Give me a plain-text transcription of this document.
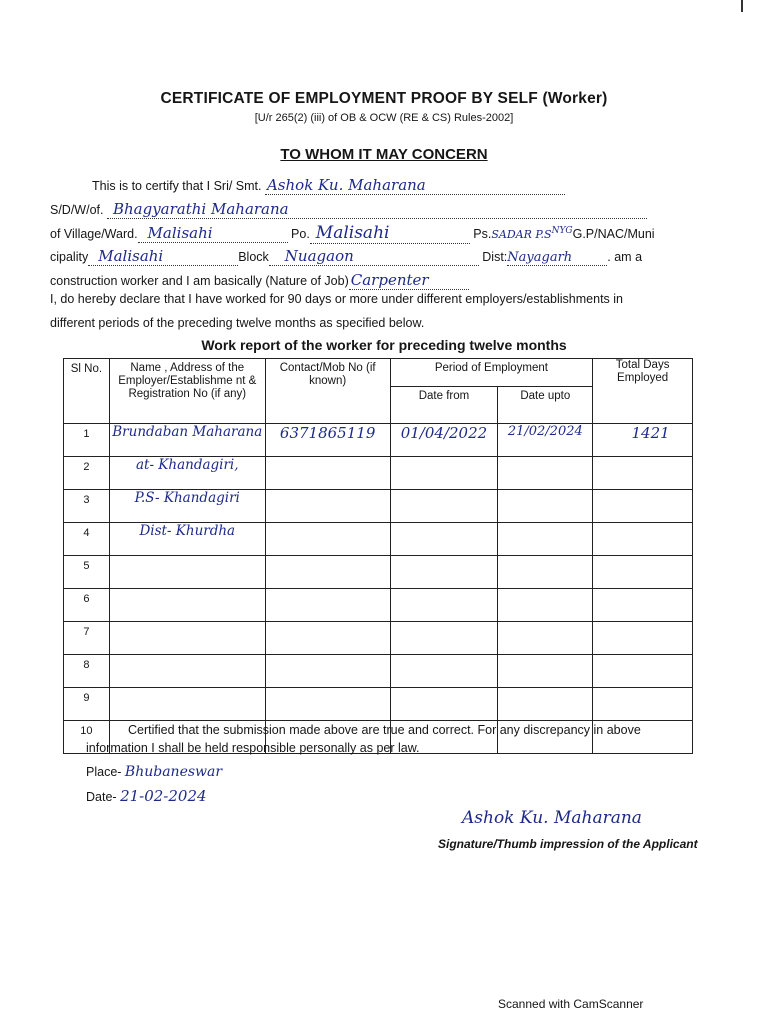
CERTIFICATE OF EMPLOYMENT PROOF BY SELF (Worker)
[U/r 265(2) (iii) of OB & OCW (RE & CS) Rules-2002]
TO WHOM IT MAY CONCERN
This is to certify that I Sri/ Smt. Ashok Ku. Maharana
S/D/W/of. Bhagyarathi Maharana
of Village/Ward. Malisahi	Po. Malisahi	Ps.SADAR $P.S^{NYG}G.P/NAC$/Muni
cipality Malisahi	Block Nuagaon	Dist:Nayagarh	. am a
construction worker and I am basically (Nature of Job) Carpenter
I, do hereby declare that I have worked for 90 days or more under different employers/establishments in
different periods of the preceding twelve months as specified below.
Work report of the worker for preceding twelve months
Sl No.	Name , Address of the Employer/Establishme nt & Registration No (if any)	Contact/Mob No (if known)	Period of Employment		Total Days Employed
			Date from	Date upto	
1	Brundaban Maharana	6371865119	01/04/2022	21/02/2024	1421
2	at- Khandagiri,				
3	P.S- Khandagiri				
4	Dist- Khurdha				
5					
6					
7					
8					
9					
10						Certified that the submission made above are true and correct. For any discrepancy in above
information I shall be held responsible personally as per law.
Place- Bhubaneswar
Date- 21-02-2024
Ashok Ku. Maharana
Signature/Thumb impression of the Applicant
Scanned with CamScanner
